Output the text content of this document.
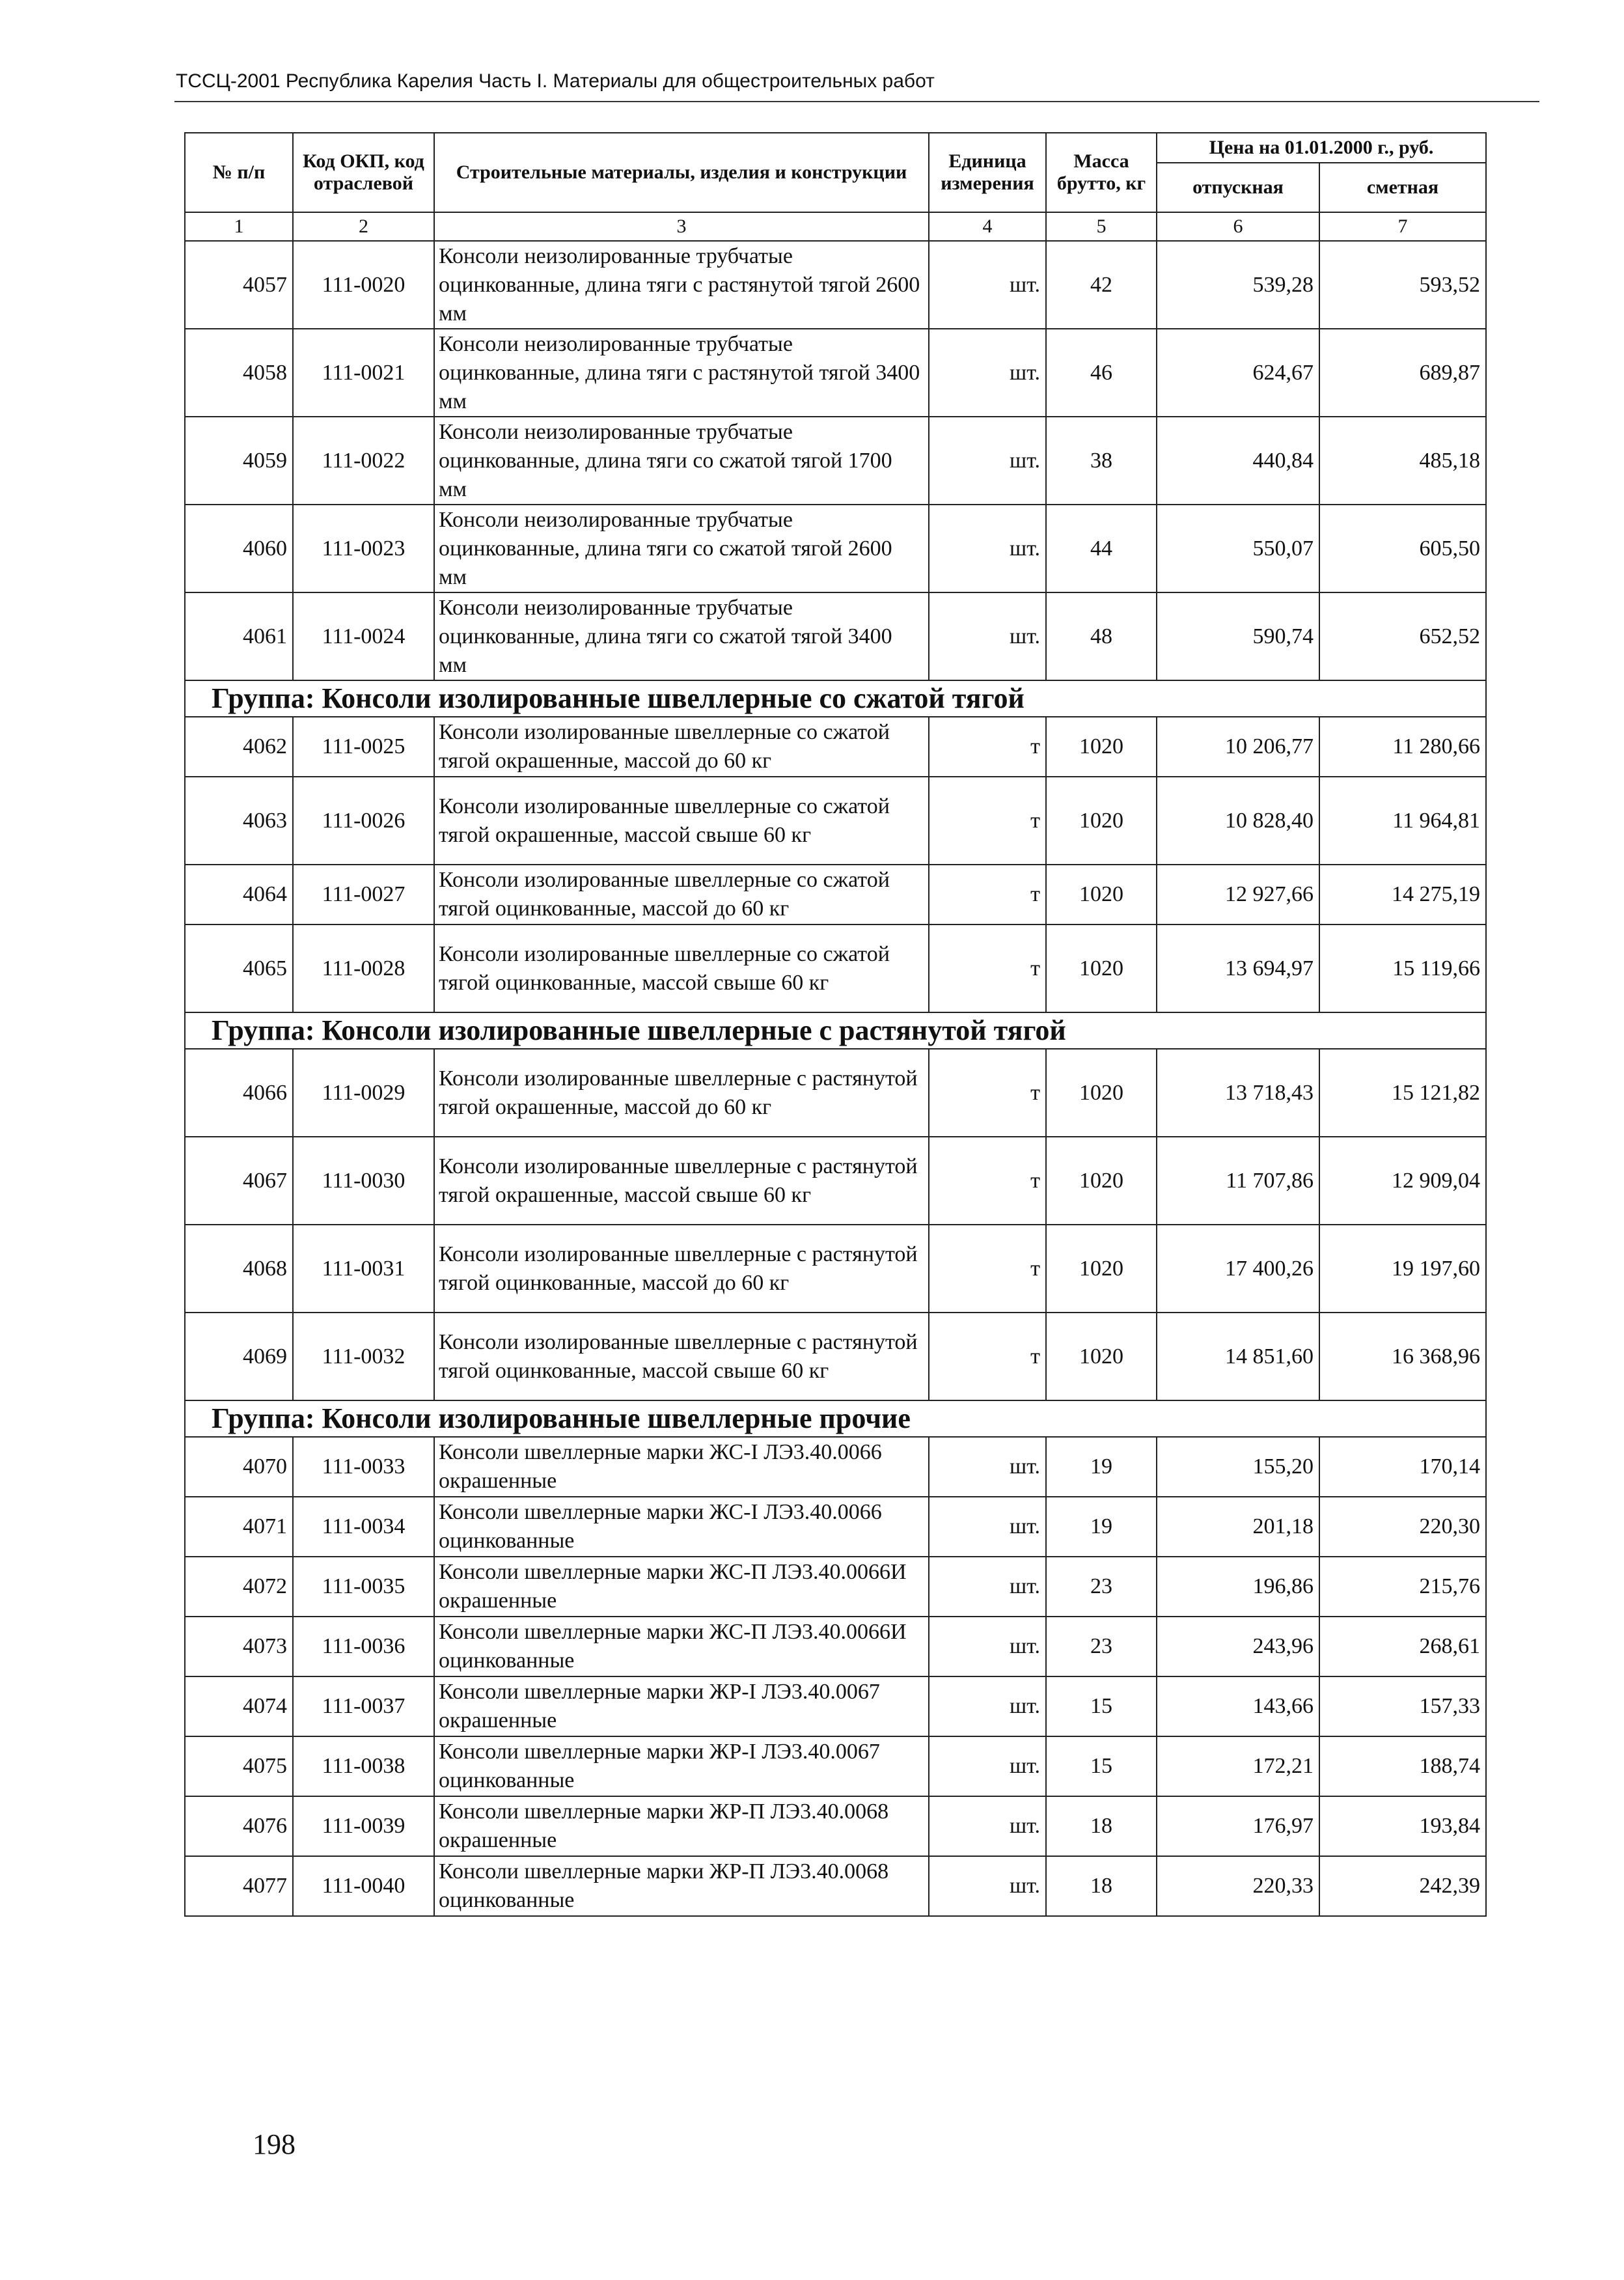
ТССЦ-2001 Республика Карелия Часть I. Материалы для общестроительных работ
№ п/п	Код ОКП, код отраслевой	Строительные материалы, изделия и конструкции	Единица измерения	Масса брутто, кг	Цена на 01.01.2000 г., руб.	
					отпускная	сметная
1	2	3	4	5	6	7
4057	111-0020	Консоли неизолированные трубчатые оцинкованные, длина тяги с растянутой тягой 2600 мм	шт.	42	539,28	593,52
4058	111-0021	Консоли неизолированные трубчатые оцинкованные, длина тяги с растянутой тягой 3400 мм	шт.	46	624,67	689,87
4059	111-0022	Консоли неизолированные трубчатые оцинкованные, длина тяги со сжатой тягой 1700 мм	шт.	38	440,84	485,18
4060	111-0023	Консоли неизолированные трубчатые оцинкованные, длина тяги со сжатой тягой 2600 мм	шт.	44	550,07	605,50
4061	111-0024	Консоли неизолированные трубчатые оцинкованные, длина тяги со сжатой тягой 3400 мм	шт.	48	590,74	652,52
Группа: Консоли изолированные швеллерные со сжатой тягой						
4062	111-0025	Консоли изолированные швеллерные со сжатой тягой окрашенные, массой до 60 кг	т	1020	10 206,77	11 280,66
4063	111-0026	Консоли изолированные швеллерные со сжатой тягой окрашенные, массой свыше 60 кг	т	1020	10 828,40	11 964,81
4064	111-0027	Консоли изолированные швеллерные со сжатой тягой оцинкованные, массой до 60 кг	т	1020	12 927,66	14 275,19
4065	111-0028	Консоли изолированные швеллерные со сжатой тягой оцинкованные, массой свыше 60 кг	т	1020	13 694,97	15 119,66
Группа: Консоли изолированные швеллерные с растянутой тягой						
4066	111-0029	Консоли изолированные швеллерные с растянутой тягой окрашенные, массой до 60 кг	т	1020	13 718,43	15 121,82
4067	111-0030	Консоли изолированные швеллерные с растянутой тягой окрашенные, массой свыше 60 кг	т	1020	11 707,86	12 909,04
4068	111-0031	Консоли изолированные швеллерные с растянутой тягой оцинкованные, массой до 60 кг	т	1020	17 400,26	19 197,60
4069	111-0032	Консоли изолированные швеллерные с растянутой тягой оцинкованные, массой свыше 60 кг	т	1020	14 851,60	16 368,96
Группа: Консоли изолированные швеллерные прочие						
4070	111-0033	Консоли швеллерные марки ЖС-I ЛЭ3.40.0066 окрашенные	шт.	19	155,20	170,14
4071	111-0034	Консоли швеллерные марки ЖС-I ЛЭ3.40.0066 оцинкованные	шт.	19	201,18	220,30
4072	111-0035	Консоли швеллерные марки ЖС-П ЛЭ3.40.0066И окрашенные	шт.	23	196,86	215,76
4073	111-0036	Консоли швеллерные марки ЖС-П ЛЭ3.40.0066И оцинкованные	шт.	23	243,96	268,61
4074	111-0037	Консоли швеллерные марки ЖР-I ЛЭ3.40.0067 окрашенные	шт.	15	143,66	157,33
4075	111-0038	Консоли швеллерные марки ЖР-I ЛЭ3.40.0067 оцинкованные	шт.	15	172,21	188,74
4076	111-0039	Консоли швеллерные марки ЖР-П ЛЭ3.40.0068 окрашенные	шт.	18	176,97	193,84
4077	111-0040	Консоли швеллерные марки ЖР-П ЛЭ3.40.0068 оцинкованные	шт.	18	220,33	242,39
198
